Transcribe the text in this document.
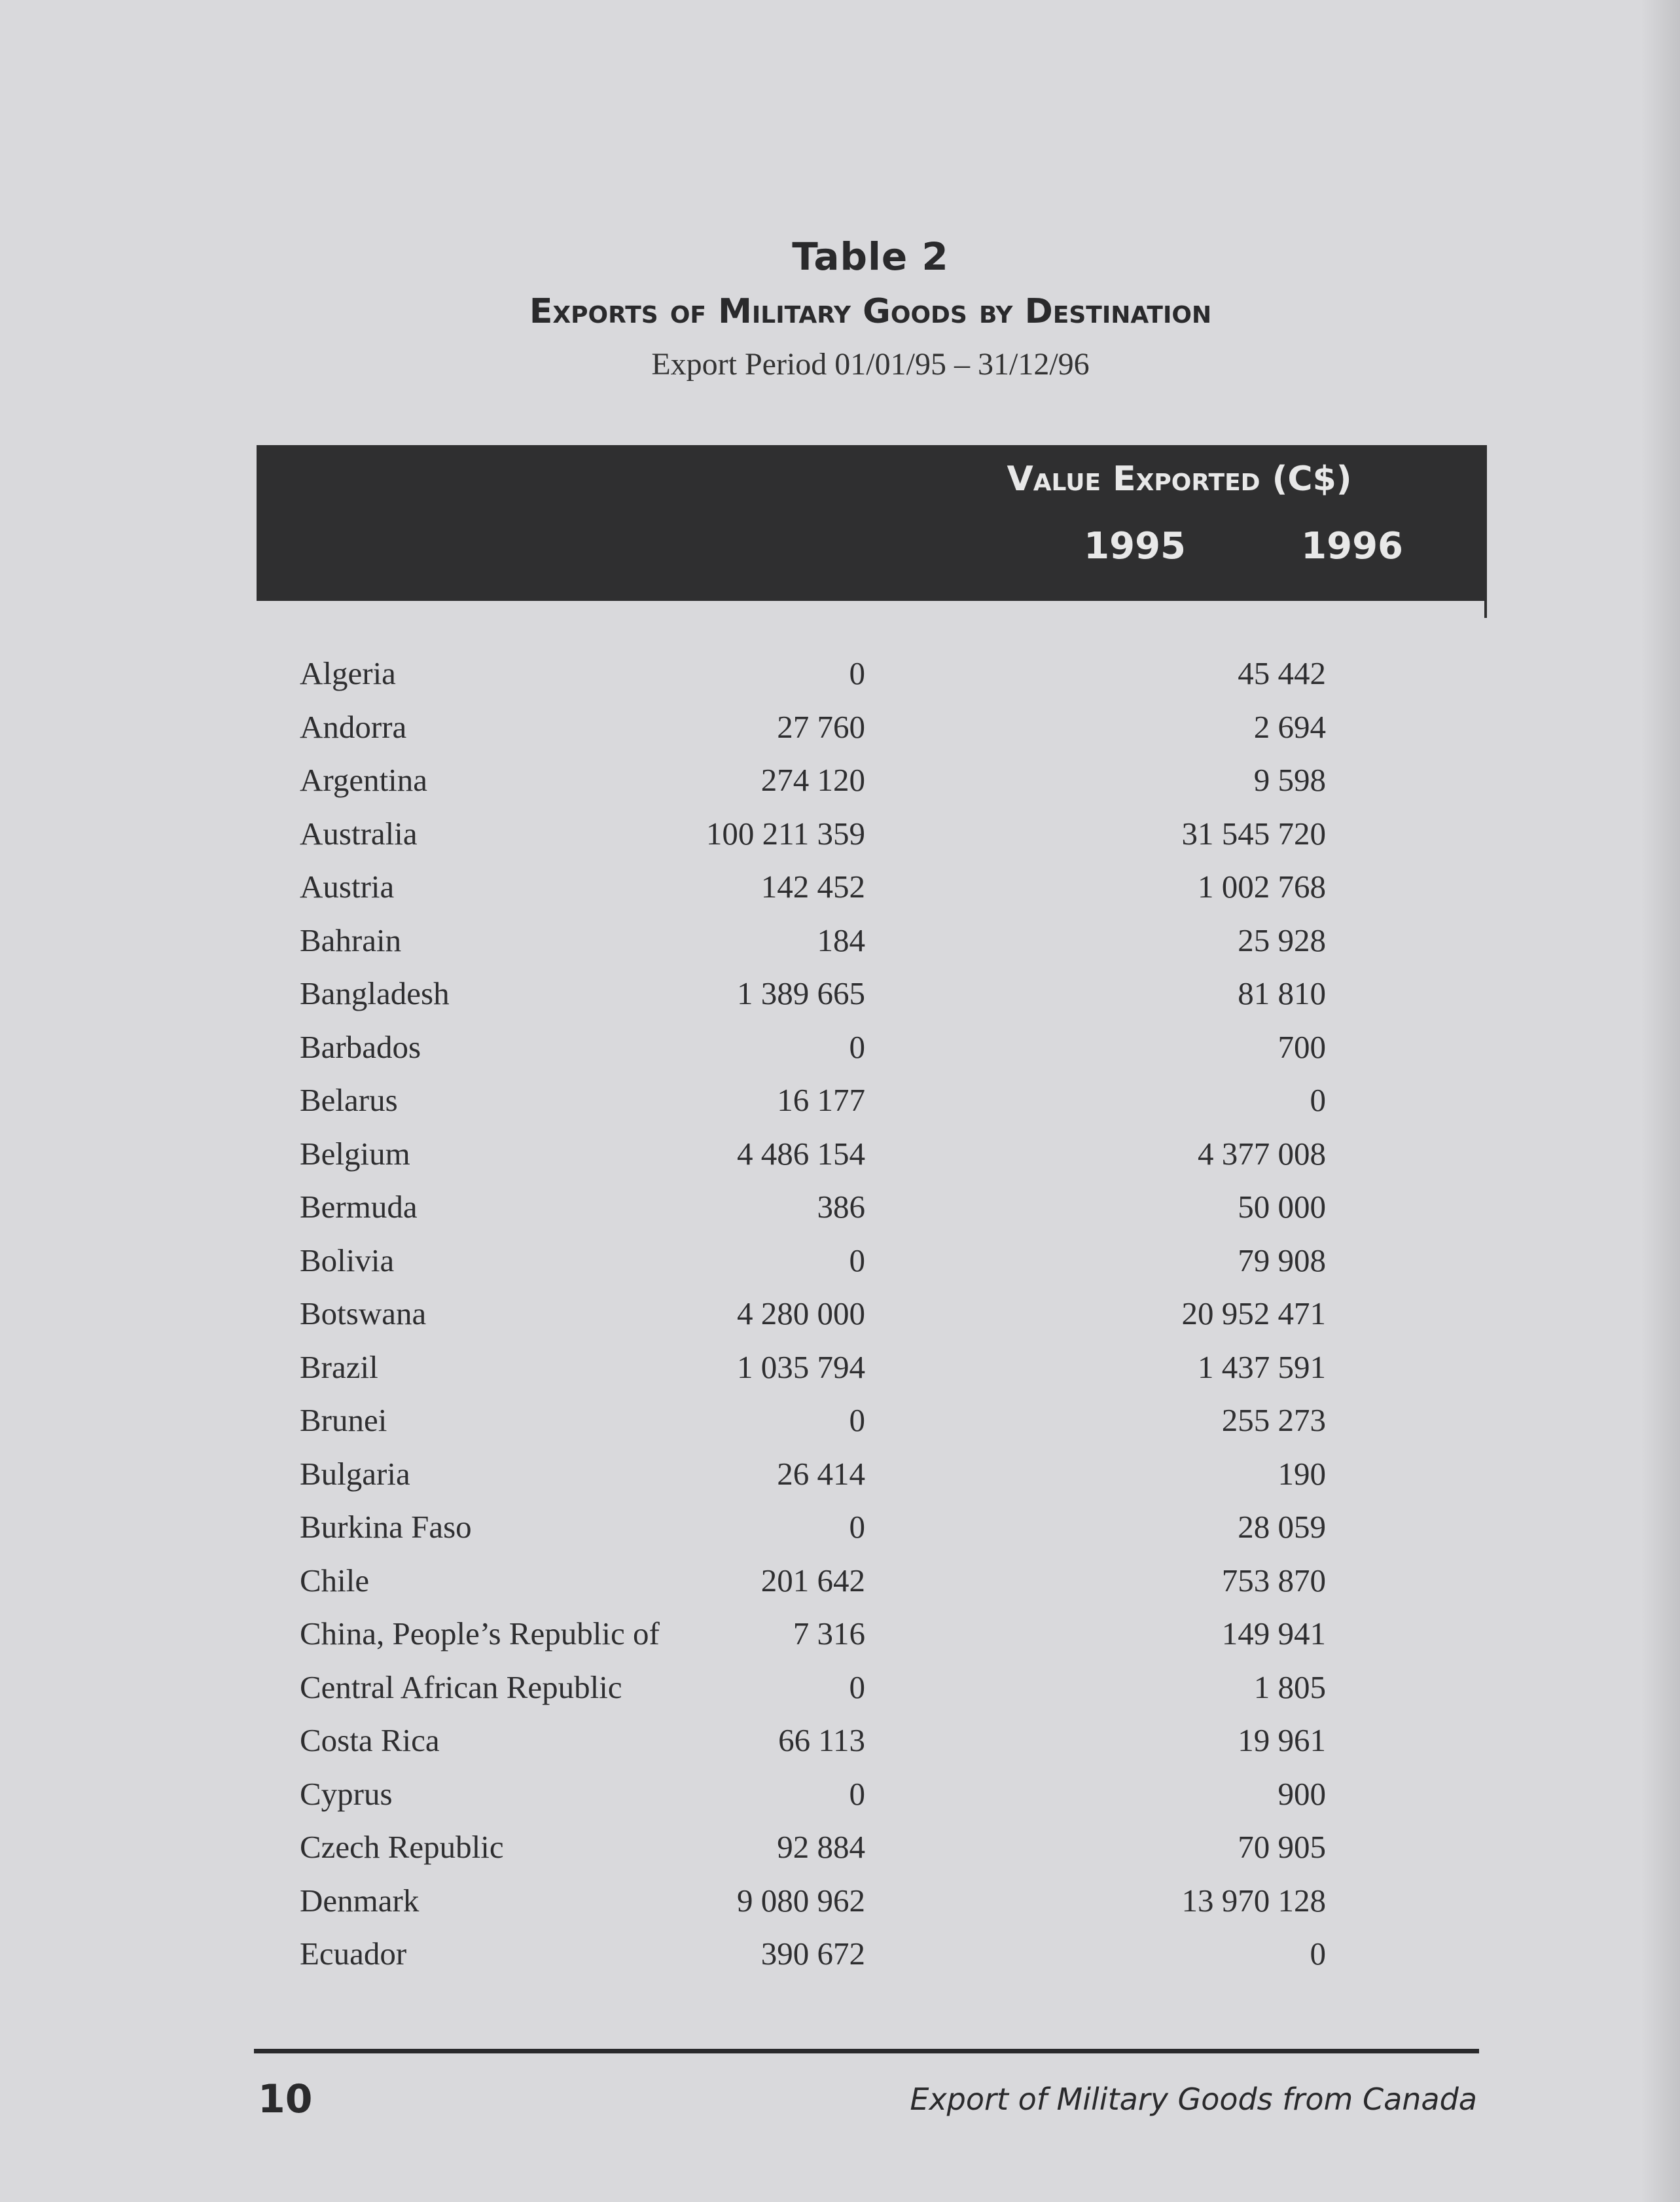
Table 2
Exports of Military Goods by Destination
Export Period 01/01/95 – 31/12/96
Value Exported (C$)
1995	1996
Algeria	0	45 442
Andorra	27 760	2 694
Argentina	274 120	9 598
Australia	100 211 359	31 545 720
Austria	142 452	1 002 768
Bahrain	184	25 928
Bangladesh	1 389 665	81 810
Barbados	0	700
Belarus	16 177	0
Belgium	4 486 154	4 377 008
Bermuda	386	50 000
Bolivia	0	79 908
Botswana	4 280 000	20 952 471
Brazil	1 035 794	1 437 591
Brunei	0	255 273
Bulgaria	26 414	190
Burkina Faso	0	28 059
Chile	201 642	753 870
China, People’s Republic of	7 316	149 941
Central African Republic	0	1 805
Costa Rica	66 113	19 961
Cyprus	0	900
Czech Republic	92 884	70 905
Denmark	9 080 962	13 970 128
Ecuador	390 672	0
10	Export of Military Goods from Canada
